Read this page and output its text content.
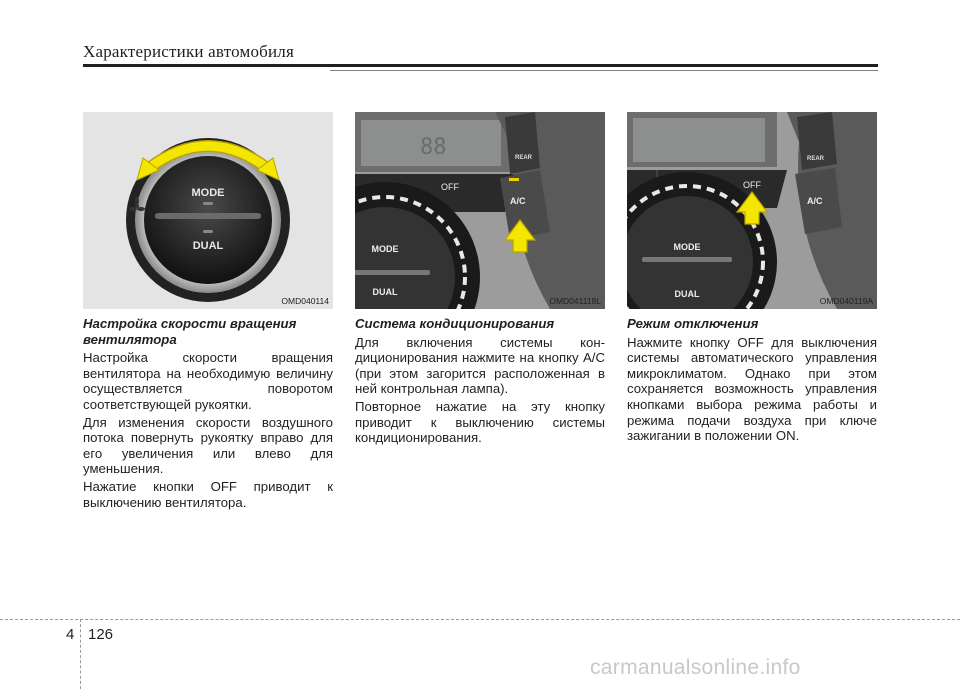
Характеристики автомобиля
MODE
DUAL
OMD040114
88
OFF
REAR
A/C
MODE
DUAL
OMD041118L
OFF
REAR
A/C
MODE
DUAL
OMD040119A
Настройка скорости вращения вентилятора

Настройка скорости вращения вентилятора на необходимую величину осуществляется поворотом соответствующей рукоятки.

Для изменения скорости воздушного потока повернуть рукоятку вправо для его увеличения или влево для уменьшения.

Нажатие кнопки OFF приводит к выключению вентилятора.

Система кондиционирования

Для включения системы кон- диционирования нажмите на кнопку A/C (при этом загорится расположенная в ней контрольная лампа).

Повторное нажатие на эту кнопку приводит к выключению системы кондиционирования.

Режим отключения

Нажмите кнопку OFF для выключения системы автоматического управления микроклиматом. Однако при этом сохраняется возможность управления кнопками выбора режима работы и режима подачи воздуха при ключе зажигании в положении ON.

4 126
carmanualsonline.info
